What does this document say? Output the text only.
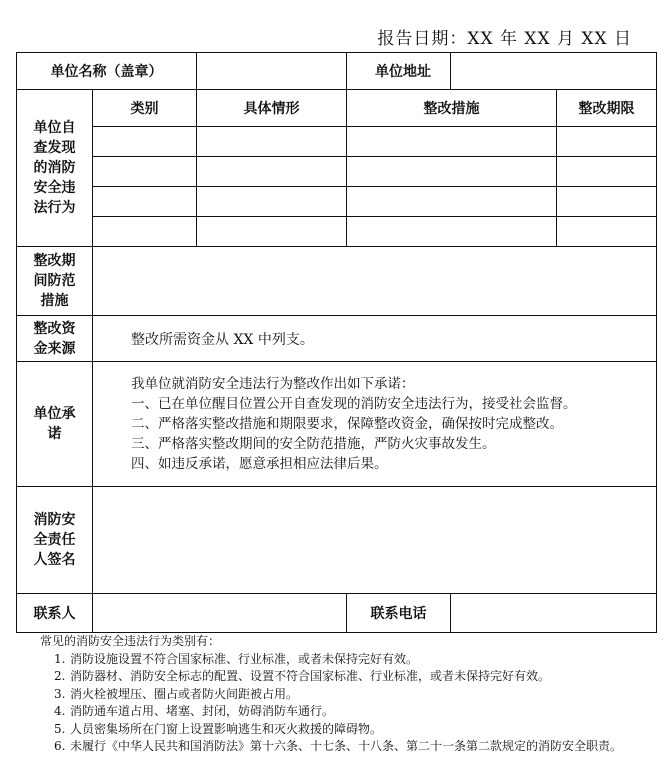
报告日期：XX 年 XX 月 XX 日
单位名称（盖章）			单位地址		
单位自查发现的消防安全违法行为	类别	具体情形	整改措施		整改期限

整改期间防范措施					
整改资金来源	整改所需资金从 XX 中列支。				
单位承诺	我单位就消防安全违法行为整改作出如下承诺：

一、已在单位醒目位置公开自查发现的消防安全违法行为，接受社会监督。

二、严格落实整改措施和期限要求，保障整改资金，确保按时完成整改。

三、严格落实整改期间的安全防范措施，严防火灾事故发生。

四、如违反承诺，愿意承担相应法律后果。				

消防安全责任人签名					
联系人			联系电话		
常见的消防安全违法行为类别有：
1. 消防设施设置不符合国家标准、行业标准，或者未保持完好有效。
2. 消防器材、消防安全标志的配置、设置不符合国家标准、行业标准，或者未保持完好有效。
3. 消火栓被埋压、圈占或者防火间距被占用。
4. 消防通车道占用、堵塞、封闭，妨碍消防车通行。
5. 人员密集场所在门窗上设置影响逃生和灭火救援的障碍物。
6. 未履行《中华人民共和国消防法》第十六条、十七条、十八条、第二十一条第二款规定的消防安全职责。
